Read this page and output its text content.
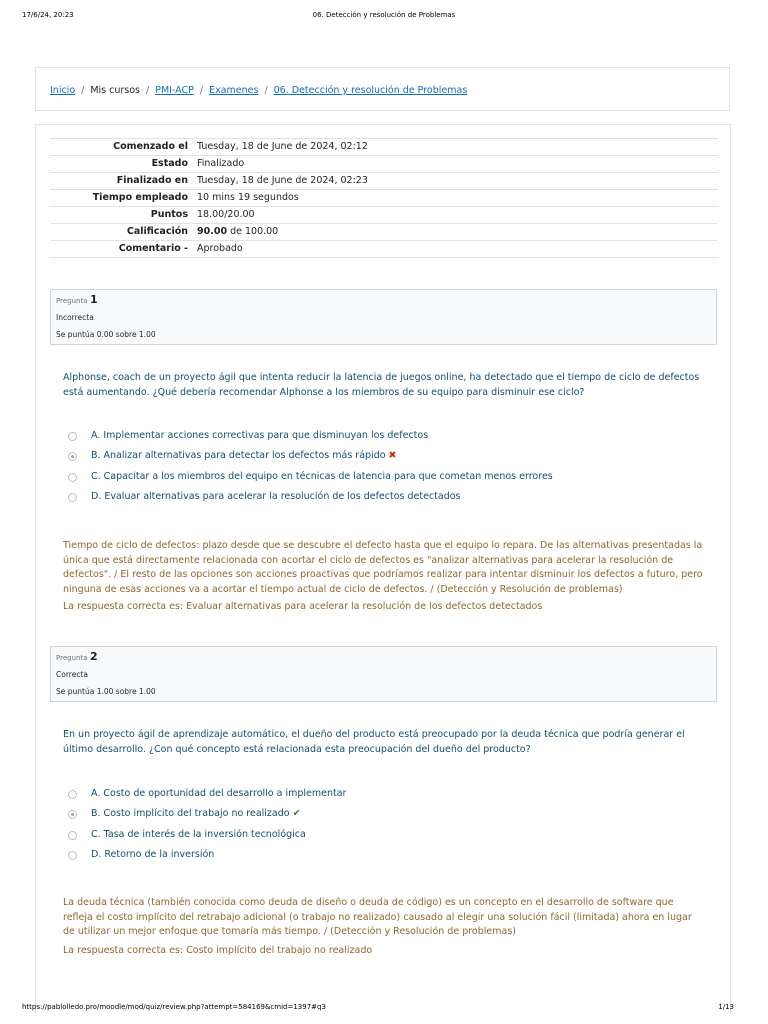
17/6/24, 20:23	06. Detección y resolución de Problemas
Inicio / Mis cursos / PMI-ACP / Examenes / 06. Detección y resolución de Problemas
Comenzado el	Tuesday, 18 de June de 2024, 02:12
Estado	Finalizado
Finalizado en	Tuesday, 18 de June de 2024, 02:23
Tiempo empleado	10 mins 19 segundos
Puntos	18.00/20.00
Calificación	90.00 de 100.00
Comentario -	Aprobado
Pregunta 1
Incorrecta
Se puntúa 0.00 sobre 1.00
Alphonse, coach de un proyecto ágil que intenta reducir la latencia de juegos online, ha detectado que el tiempo de ciclo de defectos está aumentando. ¿Qué debería recomendar Alphonse a los miembros de su equipo para disminuir ese ciclo?
A. Implementar acciones correctivas para que disminuyan los defectos
B. Analizar alternativas para detectar los defectos más rápido ✖
C. Capacitar a los miembros del equipo en técnicas de latencia para que cometan menos errores
D. Evaluar alternativas para acelerar la resolución de los defectos detectados
Tiempo de ciclo de defectos: plazo desde que se descubre el defecto hasta que el equipo lo repara. De las alternativas presentadas la única que está directamente relacionada con acortar el ciclo de defectos es "analizar alternativas para acelerar la resolución de defectos". / El resto de las opciones son acciones proactivas que podríamos realizar para intentar disminuir los defectos a futuro, pero ninguna de esas acciones va a acortar el tiempo actual de ciclo de defectos. / (Detección y Resolución de problemas)
La respuesta correcta es: Evaluar alternativas para acelerar la resolución de los defectos detectados
Pregunta 2
Correcta
Se puntúa 1.00 sobre 1.00
En un proyecto ágil de aprendizaje automático, el dueño del producto está preocupado por la deuda técnica que podría generar el último desarrollo. ¿Con qué concepto está relacionada esta preocupación del dueño del producto?
A. Costo de oportunidad del desarrollo a implementar
B. Costo implícito del trabajo no realizado ✔
C. Tasa de interés de la inversión tecnológica
D. Retorno de la inversión
La deuda técnica (también conocida como deuda de diseño o deuda de código) es un concepto en el desarrollo de software que refleja el costo implícito del retrabajo adicional (o trabajo no realizado) causado al elegir una solución fácil (limitada) ahora en lugar de utilizar un mejor enfoque que tomaría más tiempo. / (Detección y Resolución de problemas)
La respuesta correcta es: Costo implícito del trabajo no realizado
https://pablolledo.pro/moodle/mod/quiz/review.php?attempt=584169&cmid=1397#q3	1/13
